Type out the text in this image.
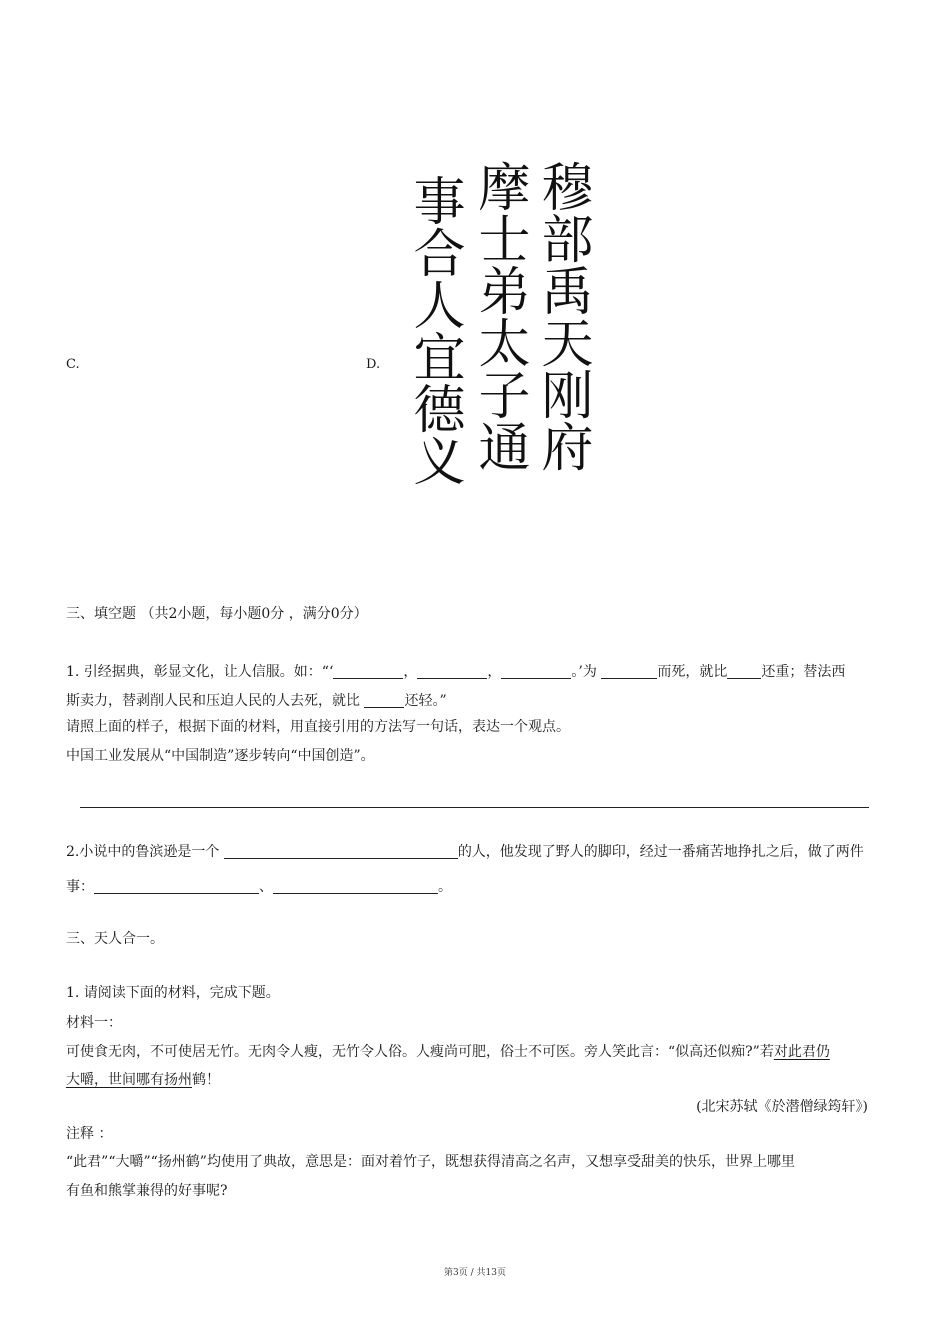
C.	D.	穆部禹天刚府
摩士弟太子通
事合人宜德义
三、填空题 （共2小题，每小题0分 ，满分0分）
1. 引经据典，彰显文化，让人信服。如：“‘	，	，	。’为	而死，就比 还重；替法西
斯卖力，替剥削人民和压迫人民的人去死，就比	还轻。”
请照上面的样子，根据下面的材料，用直接引用的方法写一句话，表达一个观点。
中国工业发展从“中国制造”逐步转向“中国创造”。
2.小说中的鲁滨逊是一个	的人，他发现了野人的脚印，经过一番痛苦地挣扎之后，做了两件
事：	、	。
三、天人合一。
1. 请阅读下面的材料，完成下题。
材料一：
可使食无肉，不可使居无竹。无肉令人瘦，无竹令人俗。人瘦尚可肥，俗士不可医。旁人笑此言：“似高还似痴?”若对此君仍
大嚼，世间哪有扬州鹤！
(北宋苏轼《於潜僧绿筠轩》)
注释 ：
“此君”“大嚼”“扬州鹤”均使用了典故，意思是：面对着竹子，既想获得清高之名声，又想享受甜美的快乐，世界上哪里
有鱼和熊掌兼得的好事呢?
第3页 / 共13页
